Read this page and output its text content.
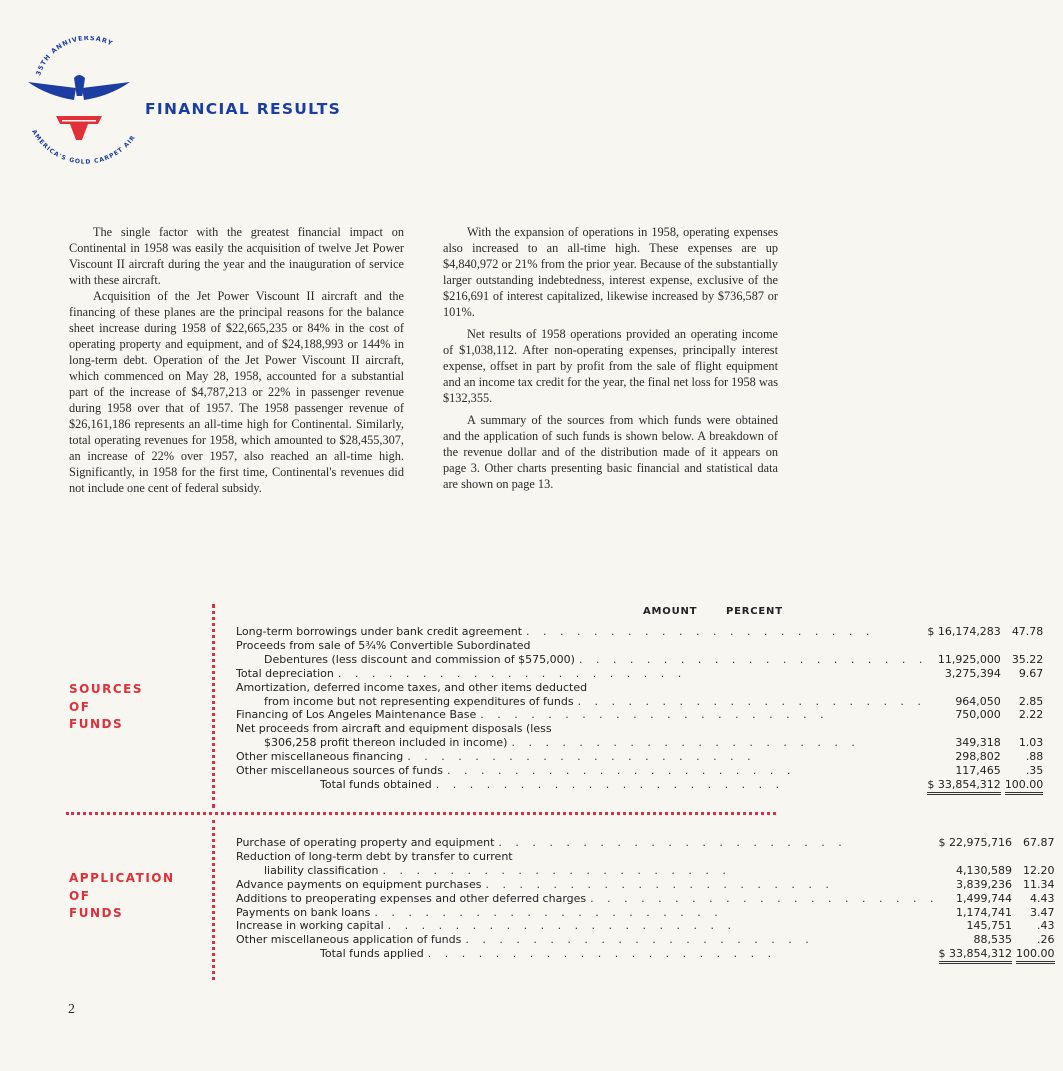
35TH ANNIVERSARY
AMERICA'S GOLD CARPET AIR
FINANCIAL RESULTS

The single factor with the greatest financial impact on Continental in 1958 was easily the acquisition of twelve Jet Power Viscount II aircraft during the year and the inauguration of service with these aircraft.

Acquisition of the Jet Power Viscount II aircraft and the financing of these planes are the principal reasons for the balance sheet increase during 1958 of $22,665,235 or 84% in the cost of operating property and equipment, and of $24,188,993 or 144% in long-term debt. Operation of the Jet Power Viscount II aircraft, which commenced on May 28, 1958, accounted for a substantial part of the increase of $4,787,213 or 22% in passenger revenue during 1958 over that of 1957. The 1958 passenger revenue of $26,161,186 represents an all-time high for Continental. Similarly, total operating revenues for 1958, which amounted to $28,455,307, an increase of 22% over 1957, also reached an all-time high. Significantly, in 1958 for the first time, Continental's revenues did not include one cent of federal subsidy.

With the expansion of operations in 1958, operating expenses also increased to an all-time high. These expenses are up $4,840,972 or 21% from the prior year. Because of the substantially larger outstanding indebtedness, interest expense, exclusive of the $216,691 of interest capitalized, likewise increased by $736,587 or 101%.

Net results of 1958 operations provided an operating income of $1,038,112. After non-operating expenses, principally interest expense, offset in part by profit from the sale of flight equipment and an income tax credit for the year, the final net loss for 1958 was $132,355.

A summary of the sources from which funds were obtained and the application of such funds is shown below. A breakdown of the revenue dollar and of the distribution made of it appears on page 3. Other charts presenting basic financial and statistical data are shown on page 13.

AMOUNT	PERCENT
SOURCES
OF
FUNDS
APPLICATION
OF
FUNDS
Long-term borrowings under bank credit agreement . . . . . . . . . . . . . . . . . . . . .	$ 16,174,283	47.78
Proceeds from sale of 5¾% Convertible Subordinated		
Debentures (less discount and commission of $575,000) . . . . . . . . . . . . . . . . . . . . .	11,925,000	35.22
Total depreciation . . . . . . . . . . . . . . . . . . . . .	3,275,394	9.67
Amortization, deferred income taxes, and other items deducted		
from income but not representing expenditures of funds . . . . . . . . . . . . . . . . . . . . .	964,050	2.85
Financing of Los Angeles Maintenance Base . . . . . . . . . . . . . . . . . . . . .	750,000	2.22
Net proceeds from aircraft and equipment disposals (less		
$306,258 profit thereon included in income) . . . . . . . . . . . . . . . . . . . . .	349,318	1.03
Other miscellaneous financing . . . . . . . . . . . . . . . . . . . . .	298,802	.88
Other miscellaneous sources of funds . . . . . . . . . . . . . . . . . . . . .	117,465	.35
Total funds obtained . . . . . . . . . . . . . . . . . . . . .	$ 33,854,312	100.00
Purchase of operating property and equipment . . . . . . . . . . . . . . . . . . . . .	$ 22,975,716	67.87
Reduction of long-term debt by transfer to current		
liability classification . . . . . . . . . . . . . . . . . . . . .	4,130,589	12.20
Advance payments on equipment purchases . . . . . . . . . . . . . . . . . . . . .	3,839,236	11.34
Additions to preoperating expenses and other deferred charges . . . . . . . . . . . . . . . . . . . . .	1,499,744	4.43
Payments on bank loans . . . . . . . . . . . . . . . . . . . . .	1,174,741	3.47
Increase in working capital . . . . . . . . . . . . . . . . . . . . .	145,751	.43
Other miscellaneous application of funds . . . . . . . . . . . . . . . . . . . . .	88,535	.26
Total funds applied . . . . . . . . . . . . . . . . . . . . .	$ 33,854,312	100.00
2
